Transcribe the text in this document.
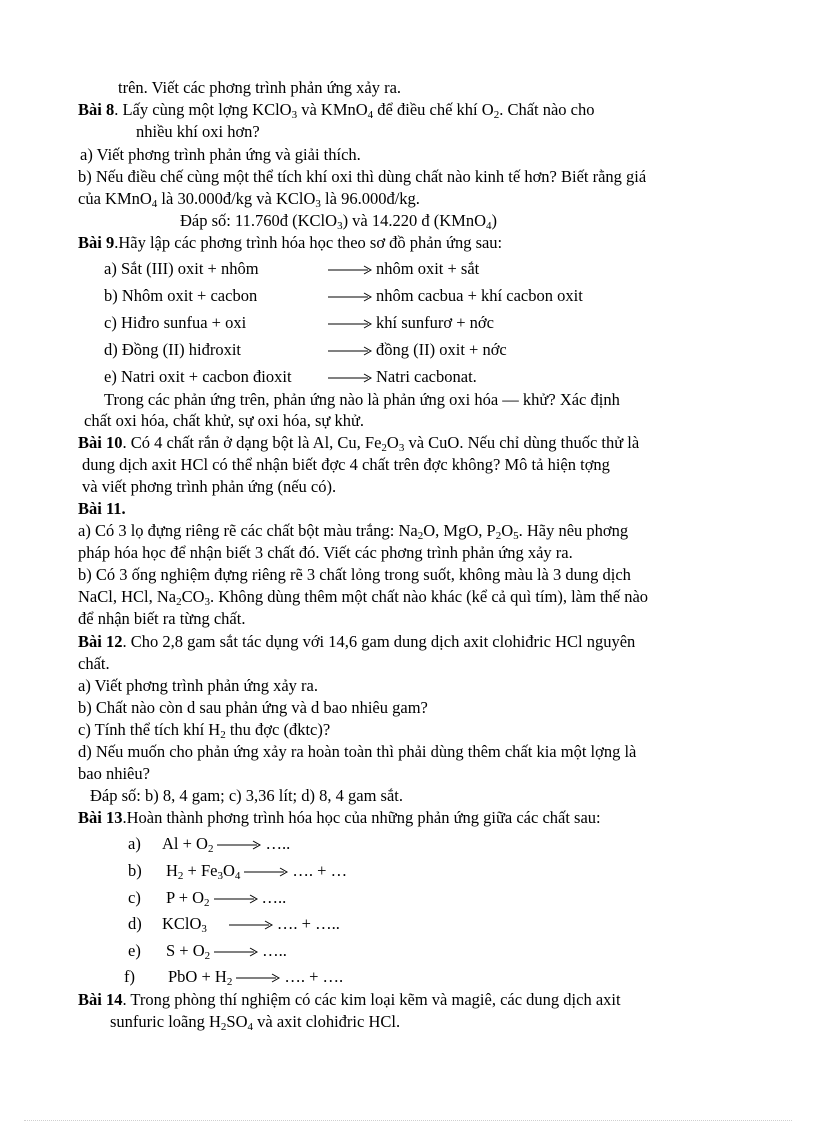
trên. Viết các phơng trình phản ứng xảy ra.
Bài 8. Lấy cùng một lợng KClO$_3$ và KMnO$_4$ để điều chế khí $O_2$. Chất nào cho
nhiều khí oxi hơn?
a) Viết phơng trình phản ứng và giải thích.
b) Nếu điều chế cùng một thể tích khí oxi thì dùng chất nào kinh tế hơn? Biết rằng giá
của KMnO$_4$ là 30.000đ/kg và KClO$_3$ là 96.000đ/kg.
Đáp số: 11.760đ (KClO$_3$) và 14.220 đ (KMnO$_4$)
Bài 9.Hãy lập các phơng trình hóa học theo sơ đồ phản ứng sau:
a) Sắt (III) oxit + nhôm	→ nhôm oxit + sắt
b) Nhôm oxit + cacbon	→ nhôm cacbua + khí cacbon oxit
c) Hiđro sunfua + oxi	→ khí sunfurơ + nớc
d) Đồng (II) hiđroxit	→ đồng (II) oxit + nớc
e) Natri oxit + cacbon đioxit → Natri cacbonat.
Trong các phản ứng trên, phản ứng nào là phản ứng oxi hóa — khử? Xác định
chất oxi hóa, chất khử, sự oxi hóa, sự khử.
Bài 10. Có 4 chất rắn ở dạng bột là Al, Cu, $Fe_2O_3$ và CuO. Nếu chỉ dùng thuốc thử là
dung dịch axit HCl có thể nhận biết đợc 4 chất trên đợc không? Mô tả hiện tợng
và viết phơng trình phản ứng (nếu có).
Bài 11.
a) Có 3 lọ đựng riêng rẽ các chất bột màu trắng: $Na_2O$, MgO, $P_2O_5$. Hãy nêu phơng
pháp hóa học để nhận biết 3 chất đó. Viết các phơng trình phản ứng xảy ra.
b) Có 3 ống nghiệm đựng riêng rẽ 3 chất lỏng trong suốt, không màu là 3 dung dịch
NaCl, HCl, $Na_2CO_3$. Không dùng thêm một chất nào khác (kể cả quì tím), làm thế nào
để nhận biết ra từng chất.
Bài 12. Cho 2,8 gam sắt tác dụng với 14,6 gam dung dịch axit clohiđric HCl nguyên
chất.
a) Viết phơng trình phản ứng xảy ra.
b) Chất nào còn d sau phản ứng và d bao nhiêu gam?
c) Tính thể tích khí $H_2$ thu đợc (đktc)?
d) Nếu muốn cho phản ứng xảy ra hoàn toàn thì phải dùng thêm chất kia một lợng là
bao nhiêu?
Đáp số: b) 8, 4 gam; c) 3,36 lít; d) 8, 4 gam sắt.
Bài 13.Hoàn thành phơng trình hóa học của những phản ứng giữa các chất sau:
a) $Al + O_2$ → …..
b) $H_2 + Fe_3O_4$ → …. + …
c) $P + O_2$ → …..
d) KClO$_3$ → …. + …..
e) $S + O_2$ → …..
f) PbO + $H_2$ → …. + ….
Bài 14. Trong phòng thí nghiệm có các kim loại kẽm và magiê, các dung dịch axit
sunfuric loãng $H_2SO_4$ và axit clohiđric HCl.
